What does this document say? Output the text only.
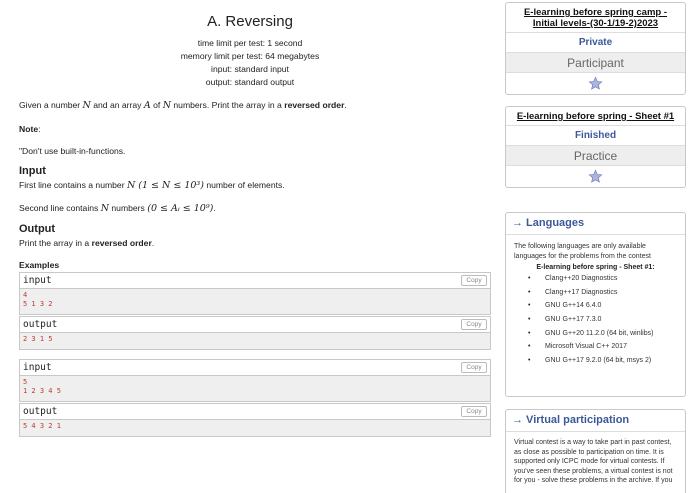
A. Reversing
time limit per test: 1 second
memory limit per test: 64 megabytes
input: standard input
output: standard output
Given a number N and an array A of N numbers. Print the array in a reversed order.
Note:
"Don't use built-in-functions.
Input
First line contains a number N (1 ≤ N ≤ 10³) number of elements.
Second line contains N numbers (0 ≤ Aᵢ ≤ 10⁹).
Output
Print the array in a reversed order.
Examples
input	Copy
4
5 1 3 2
output	Copy
2 3 1 5
input	Copy
5
1 2 3 4 5
output	Copy
5 4 3 2 1
E-learning before spring camp - Initial levels-(30-1/19-2)2023
Private
Participant
E-learning before spring - Sheet #1
Finished
Practice
→ Languages
The following languages are only available languages for the problems from the contest
E-learning before spring - Sheet #1:
• Clang++20 Diagnostics
• Clang++17 Diagnostics
• GNU G++14 6.4.0
• GNU G++17 7.3.0
• GNU G++20 11.2.0 (64 bit, winlibs)
• Microsoft Visual C++ 2017
• GNU G++17 9.2.0 (64 bit, msys 2)
→ Virtual participation
Virtual contest is a way to take part in past contest, as close as possible to participation on time. It is supported only ICPC mode for virtual contests. If you've seen these problems, a virtual contest is not for you - solve these problems in the archive. If you
